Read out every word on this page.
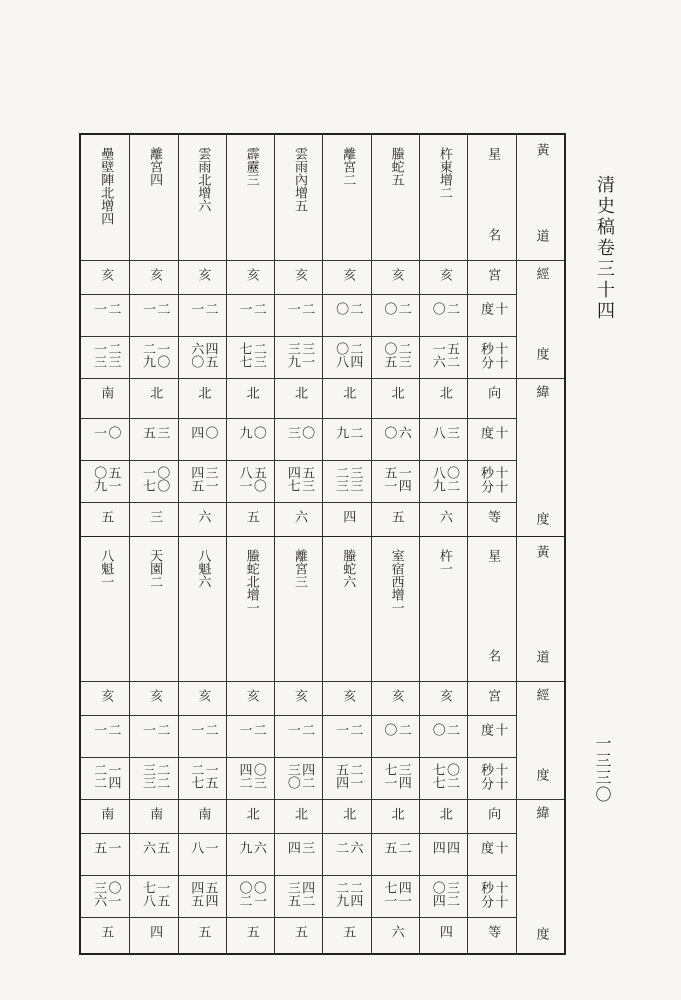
清史稿卷三十四
一三三〇
杵東增二
亥
二
〇
五二
一六
北
三
八
〇二
八九
六
螣蛇五
亥
二
〇
二三
〇五
北
六
〇
一四
五一
五
離宮二
亥
二
〇
二四
〇八
北
二
九
三三
二三
四
雲雨內增五
亥
二
一
三一
三九
北
〇
三
五三
四七
六
霹靂三
亥
二
一
二三
七七
北
〇
九
五〇
八一
五
雲雨北增六
亥
二
一
四五
六〇
北
〇
四
三一
四五
六
離宮四
亥
二
一
一〇
二九
北
三
五
〇〇
一七
三
壘壁陣北增四
亥
二
一
二三
一三
南
〇
一
五一
〇九
五
星
名
宮
十
度
十十
秒分
向
十
度
十十
秒分
等
黃
道
經
度
緯
度
杵一
亥
二
〇
〇二
七七
北
四
四
三二
〇四
四
室宿西增一
亥
二
〇
三四
七一
北
二
五
四一
七一
六
螣蛇六
亥
二
一
二一
五四
北
六
二
二四
二九
五
離宮三
亥
二
一
四二
三〇
北
三
四
四二
三五
五
螣蛇北增一
亥
二
一
〇三
四二
北
六
九
〇一
〇二
五
八魁六
亥
二
一
一五
二七
南
一
八
五四
四五
五
天園二
亥
二
一
二二
三三
南
五
六
一五
七八
四
八魁一
亥
二
一
一四
二二
南
一
五
〇一
三六
五
星
名
宮
十
度
十十
秒分
向
十
度
十十
秒分
等
黃
道
經
度
緯
度
